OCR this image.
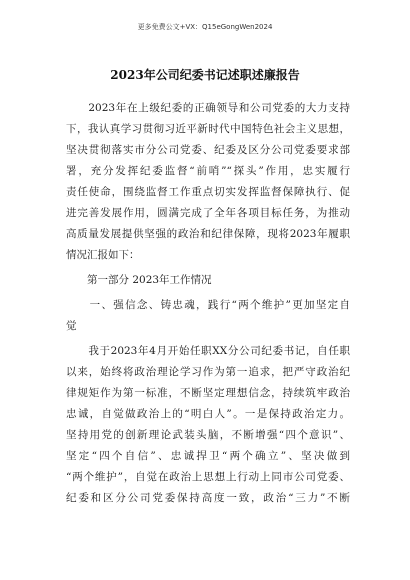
更多免费公文+VX：Q15eGongWen2024
2023年公司纪委书记述职述廉报告
　　2023年在上级纪委的正确领导和公司党委的大力支持
下，我认真学习贯彻习近平新时代中国特色社会主义思想，
坚决贯彻落实市分公司党委、纪委及区分公司党委要求部
署，充分发挥纪委监督“前哨”“探头”作用，忠实履行
责任使命，围绕监督工作重点切实发挥监督保障执行、促
进完善发展作用，圆满完成了全年各项目标任务，为推动
高质量发展提供坚强的政治和纪律保障，现将2023年履职
情况汇报如下：
　　第一部分 2023年工作情况
　　一、强信念、铸忠魂，践行“两个维护”更加坚定自
觉
　　我于2023年4月开始任职XX分公司纪委书记，自任职
以来，始终将政治理论学习作为第一追求，把严守政治纪
律规矩作为第一标准，不断坚定理想信念，持续筑牢政治
忠诚，自觉做政治上的“明白人”。一是保持政治定力。
坚持用党的创新理论武装头脑，不断增强“四个意识”、
坚定“四个自信”、忠诚捍卫“两个确立”、坚决做到
“两个维护”，自觉在政治上思想上行动上同市公司党委、
纪委和区分公司党委保持高度一致，政治“三力”不断
